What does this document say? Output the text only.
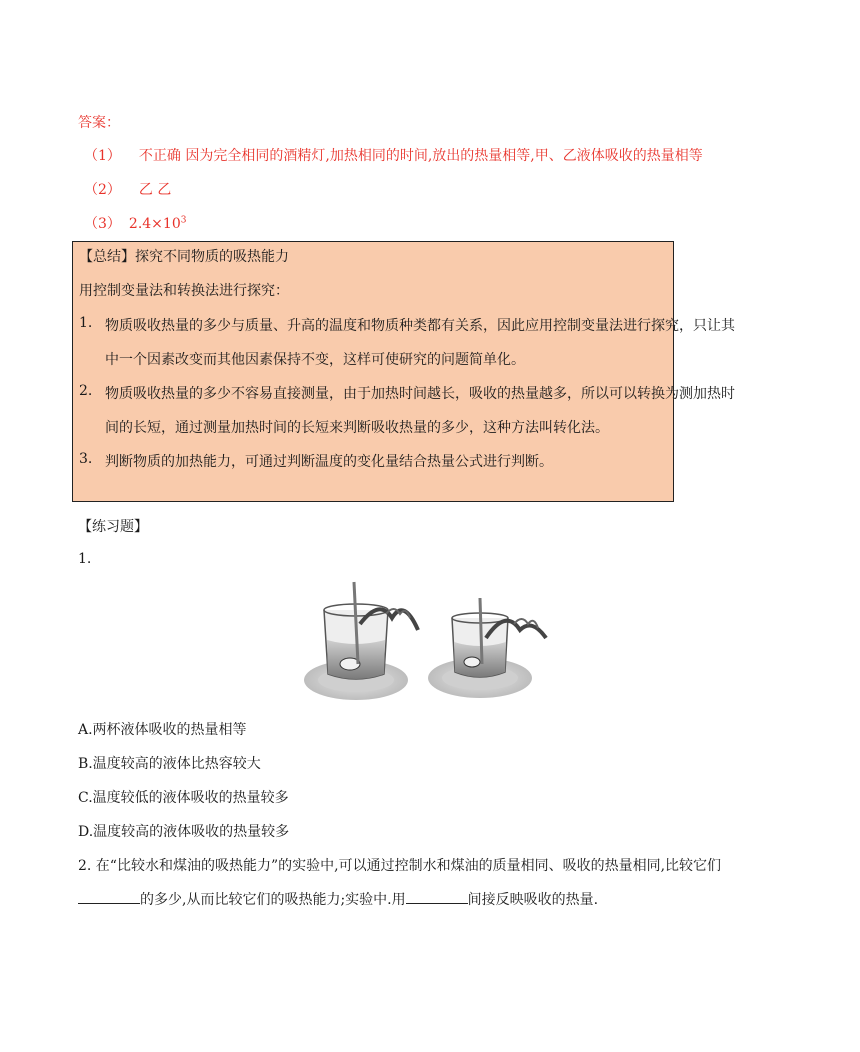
答案：
（1） 不正确 因为完全相同的酒精灯,加热相同的时间,放出的热量相等,甲、乙液体吸收的热量相等
（2） 乙 乙
（3） $2.4\times 10^3$
【总结】探究不同物质的吸热能力
用控制变量法和转换法进行探究：
1. 物质吸收热量的多少与质量、升高的温度和物质种类都有关系，因此应用控制变量法进行探究，只让其
中一个因素改变而其他因素保持不变，这样可使研究的问题简单化。
2. 物质吸收热量的多少不容易直接测量，由于加热时间越长，吸收的热量越多，所以可以转换为测加热时
间的长短，通过测量加热时间的长短来判断吸收热量的多少，这种方法叫转化法。
3. 判断物质的加热能力，可通过判断温度的变化量结合热量公式进行判断。
【练习题】
1.
A.两杯液体吸收的热量相等
B.温度较高的液体比热容较大
C.温度较低的液体吸收的热量较多
D.温度较高的液体吸收的热量较多
2. 在“比较水和煤油的吸热能力”的实验中,可以通过控制水和煤油的质量相同、吸收的热量相同,比较它们
的多少,从而比较它们的吸热能力;实验中.用	间接反映吸收的热量.
